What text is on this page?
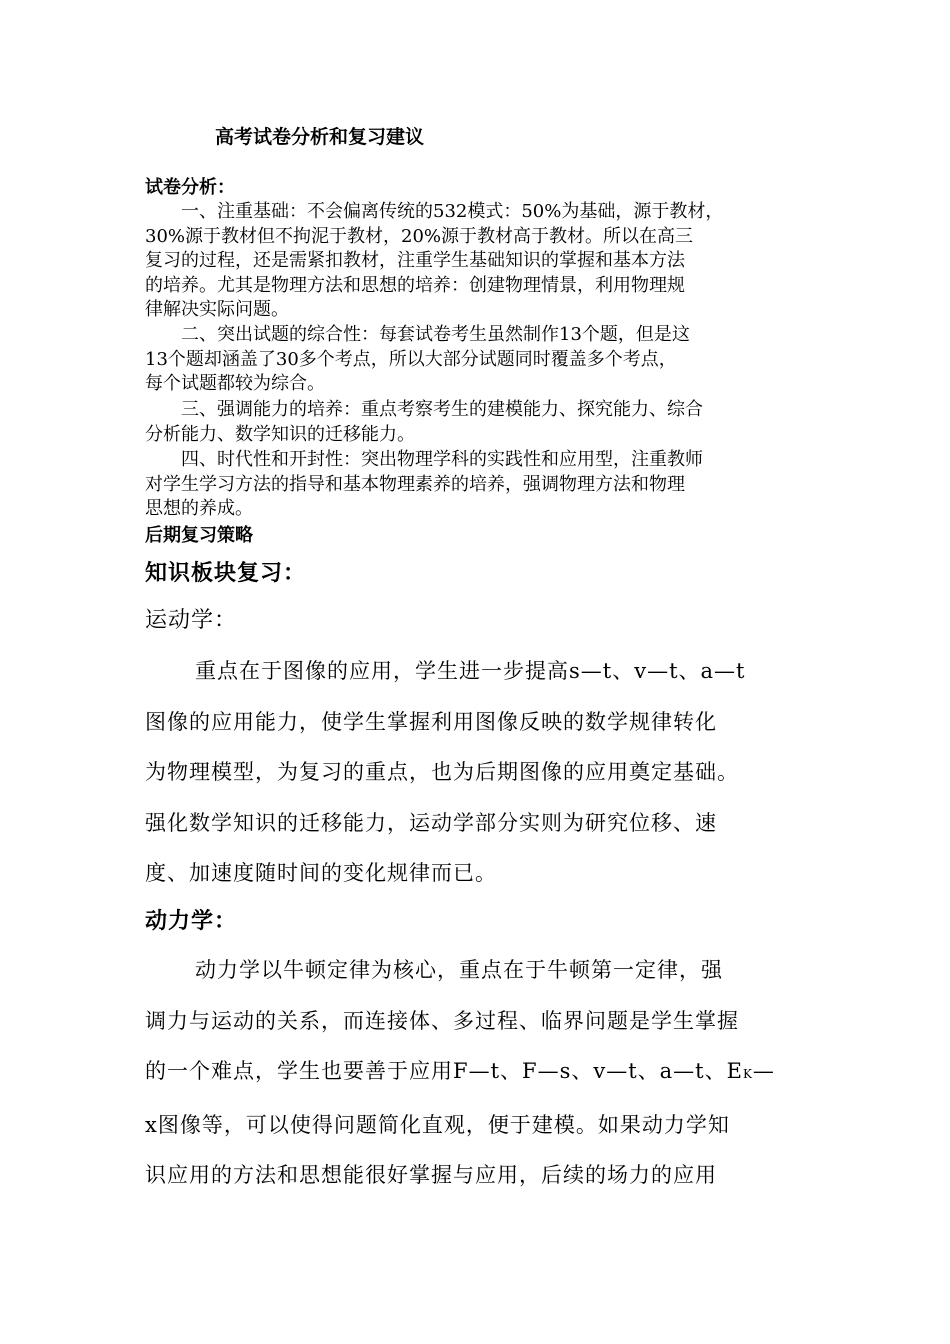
高考试卷分析和复习建议
试卷分析：
一、注重基础：不会偏离传统的532模式：50%为基础，源于教材，
30%源于教材但不拘泥于教材，20%源于教材高于教材。所以在高三
复习的过程，还是需紧扣教材，注重学生基础知识的掌握和基本方法
的培养。尤其是物理方法和思想的培养：创建物理情景，利用物理规
律解决实际问题。
二、突出试题的综合性：每套试卷考生虽然制作13个题，但是这
13个题却涵盖了30多个考点，所以大部分试题同时覆盖多个考点，
每个试题都较为综合。
三、强调能力的培养：重点考察考生的建模能力、探究能力、综合
分析能力、数学知识的迁移能力。
四、时代性和开封性：突出物理学科的实践性和应用型，注重教师
对学生学习方法的指导和基本物理素养的培养，强调物理方法和物理
思想的养成。
后期复习策略
知识板块复习：
运动学：
重点在于图像的应用，学生进一步提高s—t、v—t、a—t
图像的应用能力，使学生掌握利用图像反映的数学规律转化
为物理模型，为复习的重点，也为后期图像的应用奠定基础。
强化数学知识的迁移能力，运动学部分实则为研究位移、速
度、加速度随时间的变化规律而已。
动力学：
动力学以牛顿定律为核心，重点在于牛顿第一定律，强
调力与运动的关系，而连接体、多过程、临界问题是学生掌握
的一个难点，学生也要善于应用F—t、F—s、v—t、a—t、EK—
x图像等，可以使得问题简化直观，便于建模。如果动力学知
识应用的方法和思想能很好掌握与应用，后续的场力的应用
